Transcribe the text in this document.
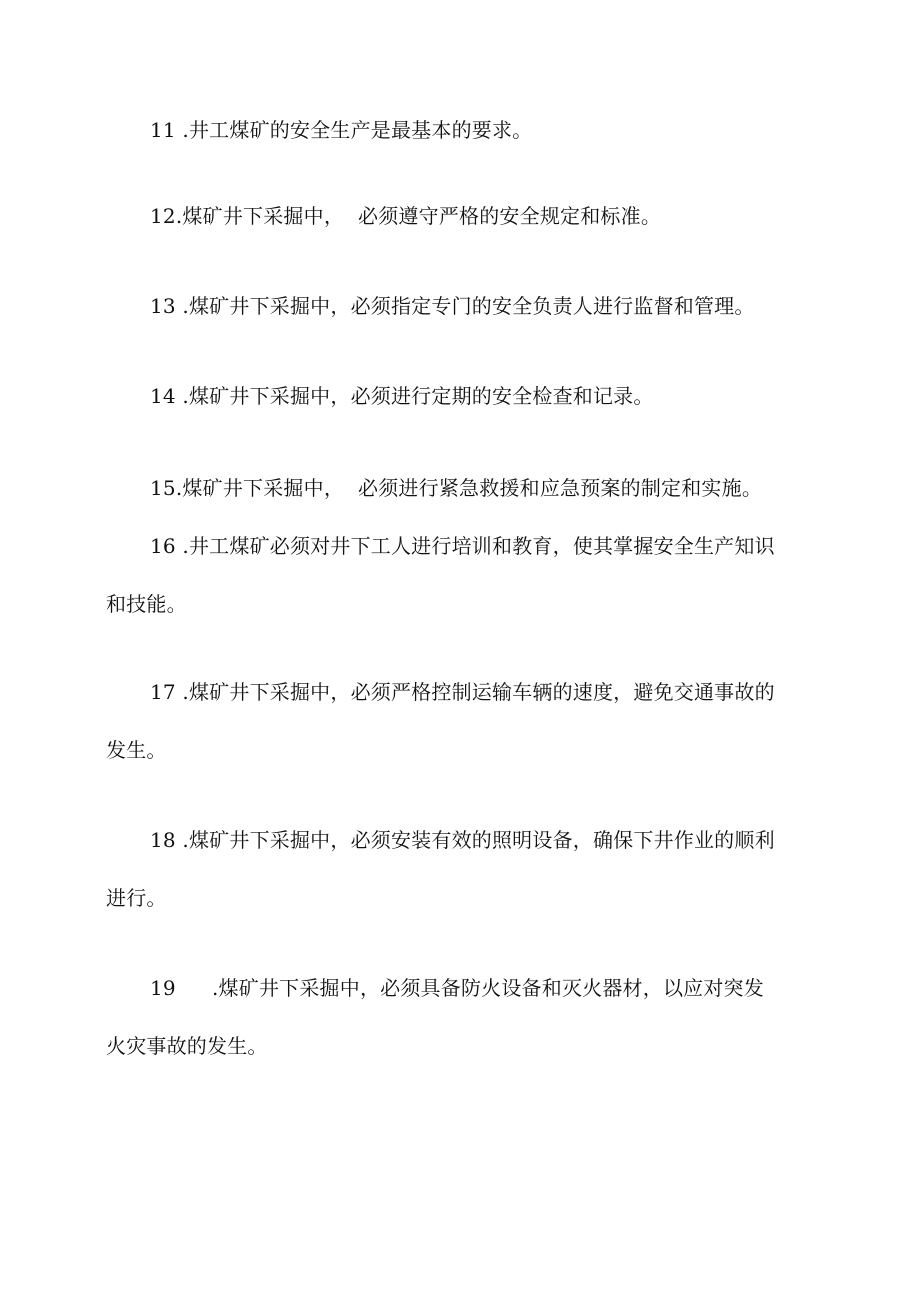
11 .井工煤矿的安全生产是最基本的要求。

12.煤矿井下采掘中， 必须遵守严格的安全规定和标准。

13 .煤矿井下采掘中，必须指定专门的安全负责人进行监督和管理。

14 .煤矿井下采掘中，必须进行定期的安全检查和记录。

15.煤矿井下采掘中， 必须进行紧急救援和应急预案的制定和实施。

16 .井工煤矿必须对井下工人进行培训和教育，使其掌握安全生产知识

和技能。

17 .煤矿井下采掘中，必须严格控制运输车辆的速度，避免交通事故的

发生。

18 .煤矿井下采掘中，必须安装有效的照明设备，确保下井作业的顺利

进行。

19 .煤矿井下采掘中，必须具备防火设备和灭火器材，以应对突发

火灾事故的发生。
